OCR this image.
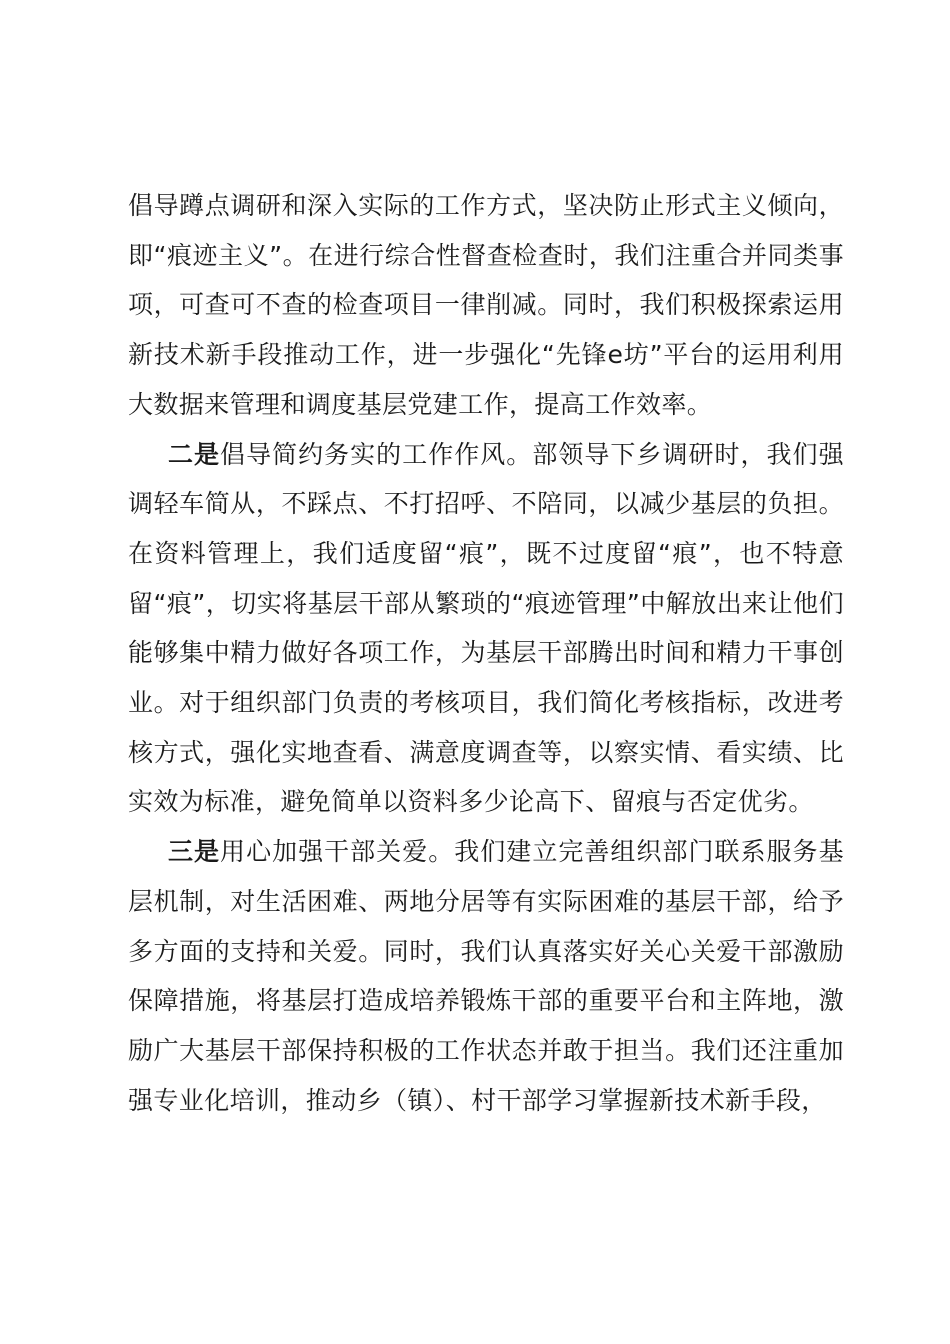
倡导蹲点调研和深入实际的工作方式，坚决防止形式主义倾向，即“痕迹主义”。在进行综合性督查检查时，我们注重合并同类事项，可查可不查的检查项目一律削减。同时，我们积极探索运用新技术新手段推动工作，进一步强化“先锋e坊”平台的运用利用大数据来管理和调度基层党建工作，提高工作效率。

二是倡导简约务实的工作作风。部领导下乡调研时，我们强调轻车简从，不踩点、不打招呼、不陪同，以减少基层的负担。在资料管理上，我们适度留“痕”，既不过度留“痕”，也不特意留“痕”，切实将基层干部从繁琐的“痕迹管理”中解放出来让他们能够集中精力做好各项工作，为基层干部腾出时间和精力干事创业。对于组织部门负责的考核项目，我们简化考核指标，改进考核方式，强化实地查看、满意度调查等，以察实情、看实绩、比实效为标准，避免简单以资料多少论高下、留痕与否定优劣。

三是用心加强干部关爱。我们建立完善组织部门联系服务基层机制，对生活困难、两地分居等有实际困难的基层干部，给予多方面的支持和关爱。同时，我们认真落实好关心关爱干部激励保障措施，将基层打造成培养锻炼干部的重要平台和主阵地，激励广大基层干部保持积极的工作状态并敢于担当。我们还注重加强专业化培训，推动乡（镇）、村干部学习掌握新技术新手段，
